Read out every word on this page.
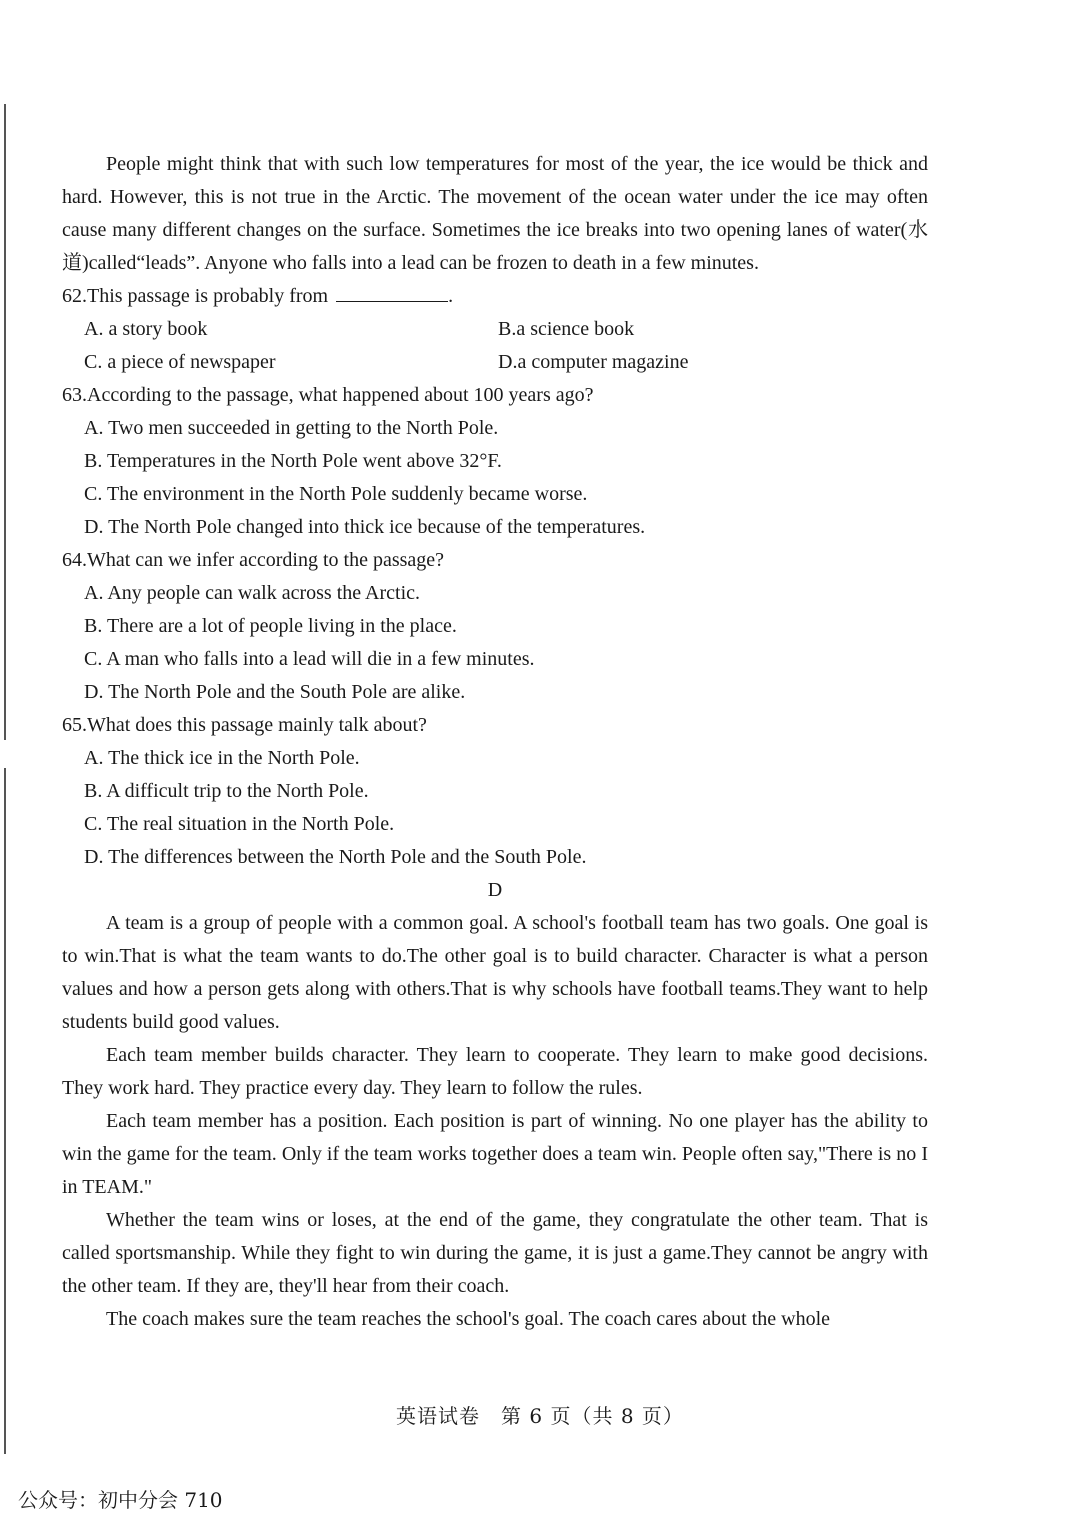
People might think that with such low temperatures for most of the year, the ice would be thick and hard. However, this is not true in the Arctic. The movement of the ocean water under the ice may often cause many different changes on the surface. Sometimes the ice breaks into two opening lanes of water(水道)called“leads”. Anyone who falls into a lead can be frozen to death in a few minutes.

62.This passage is probably from	.

A. a story book	B.a science book
C. a piece of newspaper	D.a computer magazine

63.According to the passage, what happened about 100 years ago?

A. Two men succeeded in getting to the North Pole.

B. Temperatures in the North Pole went above 32°F.

C. The environment in the North Pole suddenly became worse.

D. The North Pole changed into thick ice because of the temperatures.

64.What can we infer according to the passage?

A. Any people can walk across the Arctic.

B. There are a lot of people living in the place.

C. A man who falls into a lead will die in a few minutes.

D. The North Pole and the South Pole are alike.

65.What does this passage mainly talk about?

A. The thick ice in the North Pole.

B. A difficult trip to the North Pole.

C. The real situation in the North Pole.

D. The differences between the North Pole and the South Pole.

D

A team is a group of people with a common goal. A school's football team has two goals. One goal is to win.That is what the team wants to do.The other goal is to build character. Character is what a person values and how a person gets along with others.That is why schools have football teams.They want to help students build good values.

Each team member builds character. They learn to cooperate. They learn to make good decisions. They work hard. They practice every day. They learn to follow the rules.

Each team member has a position. Each position is part of winning. No one player has the ability to win the game for the team. Only if the team works together does a team win. People often say,"There is no I in TEAM."

Whether the team wins or loses, at the end of the game, they congratulate the other team. That is called sportsmanship. While they fight to win during the game, it is just a game.They cannot be angry with the other team. If they are, they'll hear from their coach.

The coach makes sure the team reaches the school's goal. The coach cares about the whole

英语试卷　第 6 页（共 8 页）
公众号：初中分会 710
